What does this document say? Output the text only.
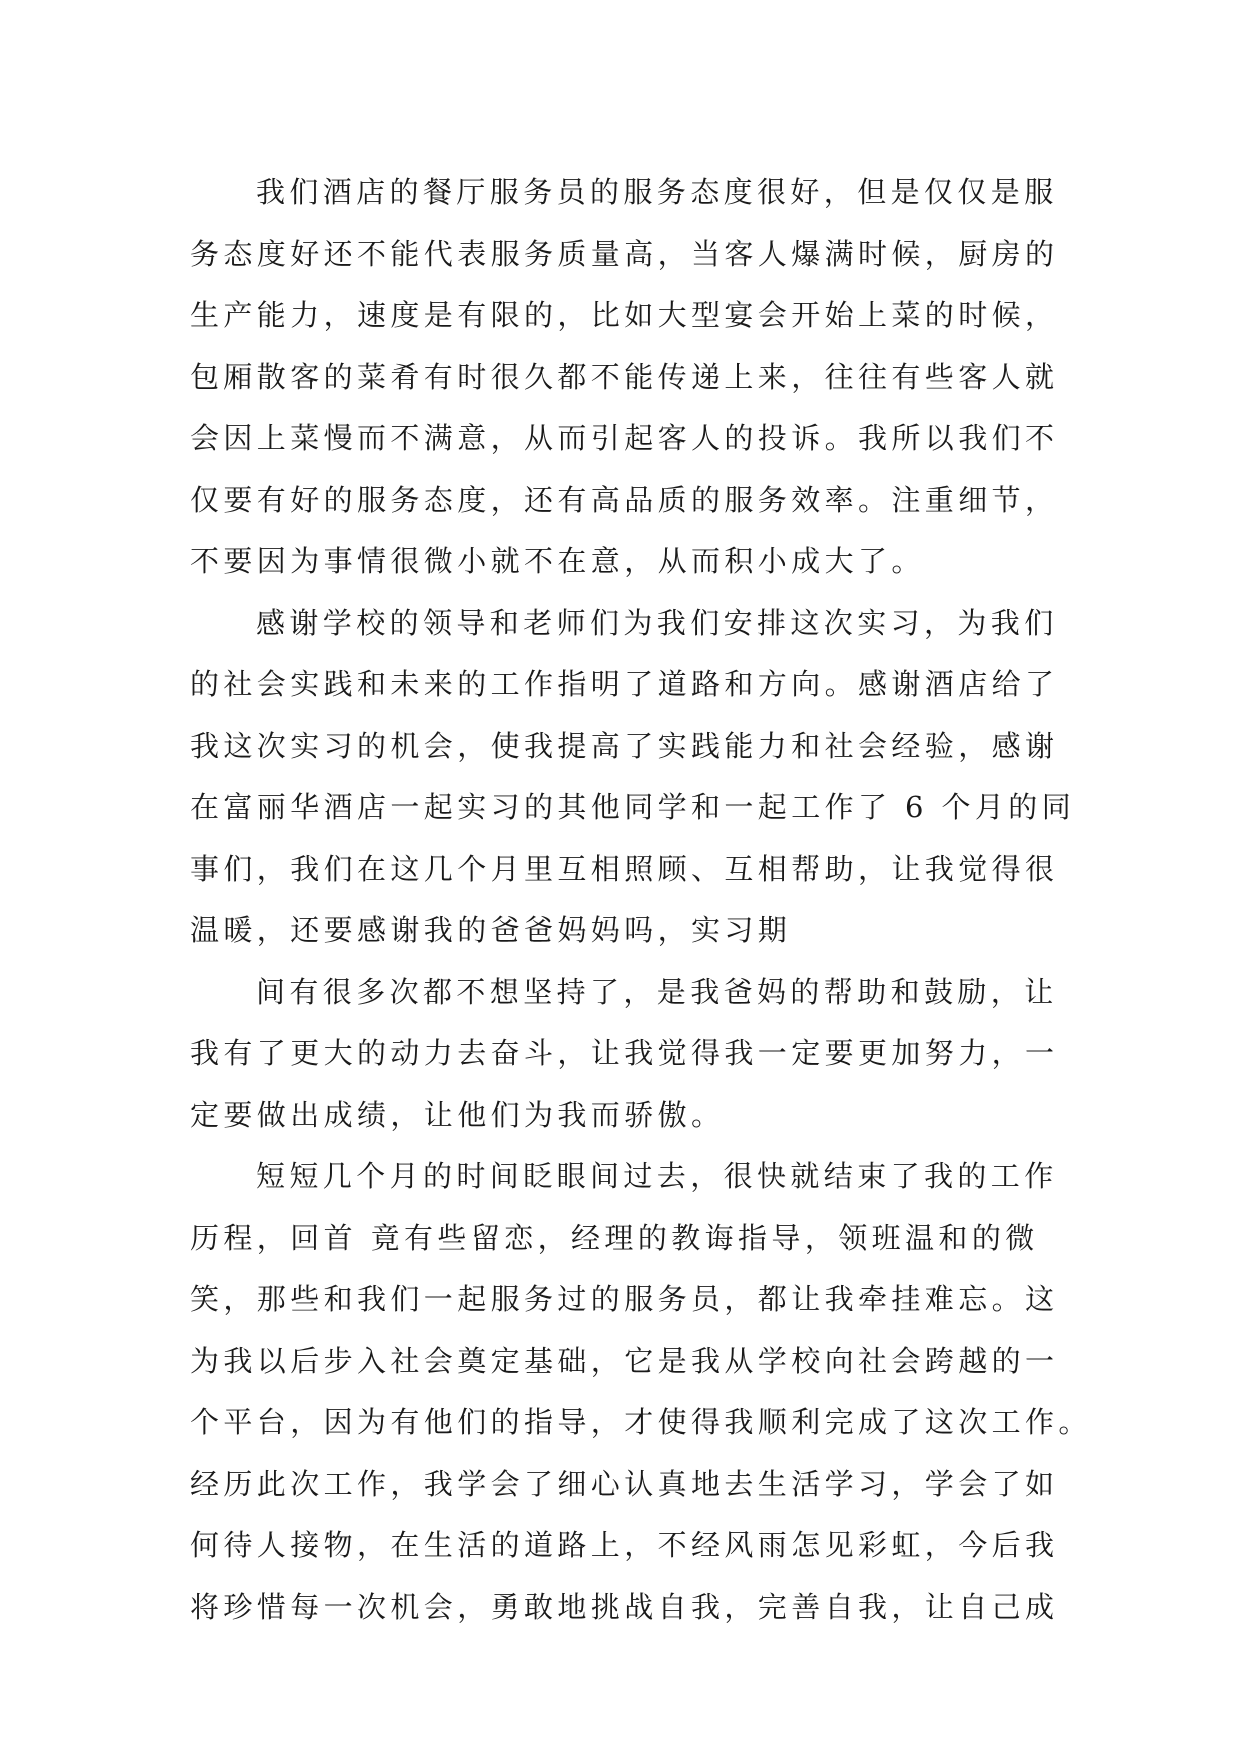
我们酒店的餐厅服务员的服务态度很好，但是仅仅是服
务态度好还不能代表服务质量高，当客人爆满时候，厨房的
生产能力，速度是有限的，比如大型宴会开始上菜的时候，
包厢散客的菜肴有时很久都不能传递上来，往往有些客人就
会因上菜慢而不满意，从而引起客人的投诉。我所以我们不
仅要有好的服务态度，还有高品质的服务效率。注重细节，
不要因为事情很微小就不在意，从而积小成大了。
感谢学校的领导和老师们为我们安排这次实习，为我们
的社会实践和未来的工作指明了道路和方向。感谢酒店给了
我这次实习的机会，使我提高了实践能力和社会经验，感谢
在富丽华酒店一起实习的其他同学和一起工作了 6 个月的同
事们，我们在这几个月里互相照顾、互相帮助，让我觉得很
温暖，还要感谢我的爸爸妈妈吗，实习期
间有很多次都不想坚持了，是我爸妈的帮助和鼓励，让
我有了更大的动力去奋斗，让我觉得我一定要更加努力，一
定要做出成绩，让他们为我而骄傲。
短短几个月的时间眨眼间过去，很快就结束了我的工作
历程，回首 竟有些留恋，经理的教诲指导，领班温和的微
笑，那些和我们一起服务过的服务员，都让我牵挂难忘。这
为我以后步入社会奠定基础，它是我从学校向社会跨越的一
个平台，因为有他们的指导，才使得我顺利完成了这次工作。
经历此次工作，我学会了细心认真地去生活学习，学会了如
何待人接物，在生活的道路上，不经风雨怎见彩虹，今后我
将珍惜每一次机会，勇敢地挑战自我，完善自我，让自己成
